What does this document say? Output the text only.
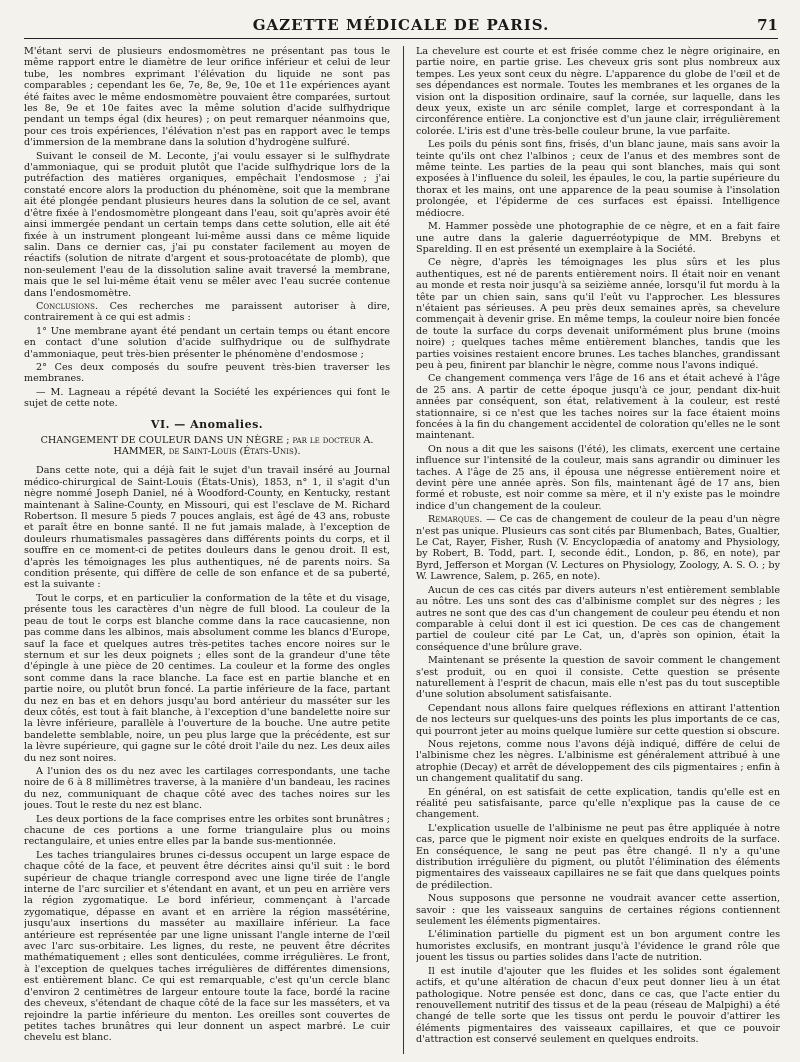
GAZETTE MÉDICALE DE PARIS.	71

M'étant servi de plusieurs endosmomètres ne présentant pas tous le même rapport entre le diamètre de leur orifice inférieur et celui de leur tube, les nombres exprimant l'élévation du liquide ne sont pas comparables ; cependant les 6e, 7e, 8e, 9e, 10e et 11e expériences ayant été faites avec le même endosmomètre pouvaient être comparées, surtout les 8e, 9e et 10e faites avec la même solution d'acide sulfhydrique pendant un temps égal (dix heures) ; on peut remarquer néanmoins que, pour ces trois expériences, l'élévation n'est pas en rapport avec le temps d'immersion de la membrane dans la solution d'hydrogène sulfuré.

Suivant le conseil de M. Leconte, j'ai voulu essayer si le sulfhydrate d'ammoniaque, qui se produit plutôt que l'acide sulfhydrique lors de la putréfaction des matières organiques, empêchait l'endosmose ; j'ai constaté encore alors la production du phénomène, soit que la membrane ait été plongée pendant plusieurs heures dans la solution de ce sel, avant d'être fixée à l'endosmomètre plongeant dans l'eau, soit qu'après avoir été ainsi immergée pendant un certain temps dans cette solution, elle ait été fixée à un instrument plongeant lui-même aussi dans ce même liquide salin. Dans ce dernier cas, j'ai pu constater facilement au moyen de réactifs (solution de nitrate d'argent et sous-protoacétate de plomb), que non-seulement l'eau de la dissolution saline avait traversé la membrane, mais que le sel lui-même était venu se mêler avec l'eau sucrée contenue dans l'endosmomètre.

Conclusions. Ces recherches me paraissent autoriser à dire, contrairement à ce qui est admis :

1° Une membrane ayant été pendant un certain temps ou étant encore en contact d'une solution d'acide sulfhydrique ou de sulfhydrate d'ammoniaque, peut très-bien présenter le phénomène d'endosmose ;

2° Ces deux composés du soufre peuvent très-bien traverser les membranes.

— M. Lagneau a répété devant la Société les expériences qui font le sujet de cette note.

VI. — Anomalies.
CHANGEMENT DE COULEUR DANS UN NÈGRE ; par le docteur A. HAMMER, de Saint-Louis (États-Unis).

Dans cette note, qui a déjà fait le sujet d'un travail inséré au Journal médico-chirurgical de Saint-Louis (États-Unis), 1853, n° 1, il s'agit d'un nègre nommé Joseph Daniel, né à Woodford-County, en Kentucky, restant maintenant à Saline-County, en Missouri, qui est l'esclave de M. Richard Robertson. Il mesure 5 pieds 7 pouces anglais, est âgé de 43 ans, robuste et paraît être en bonne santé. Il ne fut jamais malade, à l'exception de douleurs rhumatismales passagères dans différents points du corps, et il souffre en ce moment-ci de petites douleurs dans le genou droit. Il est, d'après les témoignages les plus authentiques, né de parents noirs. Sa condition présente, qui diffère de celle de son enfance et de sa puberté, est la suivante :

Tout le corps, et en particulier la conformation de la tête et du visage, présente tous les caractères d'un nègre de full blood. La couleur de la peau de tout le corps est blanche comme dans la race caucasienne, non pas comme dans les albinos, mais absolument comme les blancs d'Europe, sauf la face et quelques autres très-petites taches encore noires sur le sternum et sur les deux poignets ; elles sont de la grandeur d'une tête d'épingle à une pièce de 20 centimes. La couleur et la forme des ongles sont comme dans la race blanche. La face est en partie blanche et en partie noire, ou plutôt brun foncé. La partie inférieure de la face, partant du nez en bas et en dehors jusqu'au bord antérieur du masséter sur les deux côtés, est tout à fait blanche, à l'exception d'une bandelette noire sur la lèvre inférieure, parallèle à l'ouverture de la bouche. Une autre petite bandelette semblable, noire, un peu plus large que la précédente, est sur la lèvre supérieure, qui gagne sur le côté droit l'aile du nez. Les deux ailes du nez sont noires.

A l'union des os du nez avec les cartilages correspondants, une tache noire de 6 à 8 millimètres traverse, à la manière d'un bandeau, les racines du nez, communiquant de chaque côté avec des taches noires sur les joues. Tout le reste du nez est blanc.

Les deux portions de la face comprises entre les orbites sont brunâtres ; chacune de ces portions a une forme triangulaire plus ou moins rectangulaire, et unies entre elles par la bande sus-mentionnée.

Les taches triangulaires brunes ci-dessus occupent un large espace de chaque côté de la face, et peuvent être décrites ainsi qu'il suit : le bord supérieur de chaque triangle correspond avec une ligne tirée de l'angle interne de l'arc surcilier et s'étendant en avant, et un peu en arrière vers la région zygomatique. Le bord inférieur, commençant à l'arcade zygomatique, dépasse en avant et en arrière la région massétérine, jusqu'aux insertions du masséter au maxillaire inférieur. La face antérieure est représentée par une ligne unissant l'angle interne de l'œil avec l'arc sus-orbitaire. Les lignes, du reste, ne peuvent être décrites mathématiquement ; elles sont denticulées, comme irrégulières. Le front, à l'exception de quelques taches irrégulières de différentes dimensions, est entièrement blanc. Ce qui est remarquable, c'est qu'un cercle blanc d'environ 2 centimètres de largeur entoure toute la face, bordé la racine des cheveux, s'étendant de chaque côté de la face sur les masséters, et va rejoindre la partie inférieure du menton. Les oreilles sont couvertes de petites taches brunâtres qui leur donnent un aspect marbré. Le cuir chevelu est blanc.

La chevelure est courte et est frisée comme chez le nègre originaire, en partie noire, en partie grise. Les cheveux gris sont plus nombreux aux tempes. Les yeux sont ceux du nègre. L'apparence du globe de l'œil et de ses dépendances est normale. Toutes les membranes et les organes de la vision ont la disposition ordinaire, sauf la cornée, sur laquelle, dans les deux yeux, existe un arc sénile complet, large et correspondant à la circonférence entière. La conjonctive est d'un jaune clair, irrégulièrement colorée. L'iris est d'une très-belle couleur brune, la vue parfaite.

Les poils du pénis sont fins, frisés, d'un blanc jaune, mais sans avoir la teinte qu'ils ont chez l'albinos ; ceux de l'anus et des membres sont de même teinte. Les parties de la peau qui sont blanches, mais qui sont exposées à l'influence du soleil, les épaules, le cou, la partie supérieure du thorax et les mains, ont une apparence de la peau soumise à l'insolation prolongée, et l'épiderme de ces surfaces est épaissi. Intelligence médiocre.

M. Hammer possède une photographie de ce nègre, et en a fait faire une autre dans la galerie daguerréotypique de MM. Brebyns et Sparelding. Il en est présenté un exemplaire à la Société.

Ce nègre, d'après les témoignages les plus sûrs et les plus authentiques, est né de parents entièrement noirs. Il était noir en venant au monde et resta noir jusqu'à sa seizième année, lorsqu'il fut mordu à la tête par un chien sain, sans qu'il l'eût vu l'approcher. Les blessures n'étaient pas sérieuses. A peu près deux semaines après, sa chevelure commençait à devenir grise. En même temps, la couleur noire bien foncée de toute la surface du corps devenait uniformément plus brune (moins noire) ; quelques taches même entièrement blanches, tandis que les parties voisines restaient encore brunes. Les taches blanches, grandissant peu à peu, finirent par blanchir le nègre, comme nous l'avons indiqué.

Ce changement commença vers l'âge de 16 ans et était achevé à l'âge de 25 ans. A partir de cette époque jusqu'à ce jour, pendant dix-huit années par conséquent, son état, relativement à la couleur, est resté stationnaire, si ce n'est que les taches noires sur la face étaient moins foncées à la fin du changement accidentel de coloration qu'elles ne le sont maintenant.

On nous a dit que les saisons (l'été), les climats, exercent une certaine influence sur l'intensité de la couleur, mais sans agrandir ou diminuer les taches. A l'âge de 25 ans, il épousa une négresse entièrement noire et devint père une année après. Son fils, maintenant âgé de 17 ans, bien formé et robuste, est noir comme sa mère, et il n'y existe pas le moindre indice d'un changement de la couleur.

Remarques. — Ce cas de changement de couleur de la peau d'un nègre n'est pas unique. Plusieurs cas sont cités par Blumenbach, Bates, Gualtier, Le Cat, Rayer, Fisher, Rush (V. Encyclopædia of anatomy and Physiology, by Robert, B. Todd, part. I, seconde édit., London, p. 86, en note), par Byrd, Jefferson et Morgan (V. Lectures on Physiology, Zoology, A. S. O. ; by W. Lawrence, Salem, p. 265, en note).

Aucun de ces cas cités par divers auteurs n'est entièrement semblable au nôtre. Les uns sont des cas d'albinisme complet sur des nègres ; les autres ne sont que des cas d'un changement de couleur peu étendu et non comparable à celui dont il est ici question. De ces cas de changement partiel de couleur cité par Le Cat, un, d'après son opinion, était la conséquence d'une brûlure grave.

Maintenant se présente la question de savoir comment le changement s'est produit, ou en quoi il consiste. Cette question se présente naturellement à l'esprit de chacun, mais elle n'est pas du tout susceptible d'une solution absolument satisfaisante.

Cependant nous allons faire quelques réflexions en attirant l'attention de nos lecteurs sur quelques-uns des points les plus importants de ce cas, qui pourront jeter au moins quelque lumière sur cette question si obscure.

Nous rejetons, comme nous l'avons déjà indiqué, différe de celui de l'albinisme chez les nègres. L'albinisme est généralement attribué à une atrophie (Decay) et arrêt de développement des cils pigmentaires ; enfin à un changement qualitatif du sang.

En général, on est satisfait de cette explication, tandis qu'elle est en réalité peu satisfaisante, parce qu'elle n'explique pas la cause de ce changement.

L'explication usuelle de l'albinisme ne peut pas être appliquée à notre cas, parce que le pigment noir existe en quelques endroits de la surface. En conséquence, le sang ne peut pas être changé. Il n'y a qu'une distribution irrégulière du pigment, ou plutôt l'élimination des éléments pigmentaires des vaisseaux capillaires ne se fait que dans quelques points de prédilection.

Nous supposons que personne ne voudrait avancer cette assertion, savoir : que les vaisseaux sanguins de certaines régions contiennent seulement les éléments pigmentaires.

L'élimination partielle du pigment est un bon argument contre les humoristes exclusifs, en montrant jusqu'à l'évidence le grand rôle que jouent les tissus ou parties solides dans l'acte de nutrition.

Il est inutile d'ajouter que les fluides et les solides sont également actifs, et qu'une altération de chacun d'eux peut donner lieu à un état pathologique. Notre pensée est donc, dans ce cas, que l'acte entier du renouvellement nutritif des tissus et de la peau (réseau de Malpighi) a été changé de telle sorte que les tissus ont perdu le pouvoir d'attirer les éléments pigmentaires des vaisseaux capillaires, et que ce pouvoir d'attraction est conservé seulement en quelques endroits.
